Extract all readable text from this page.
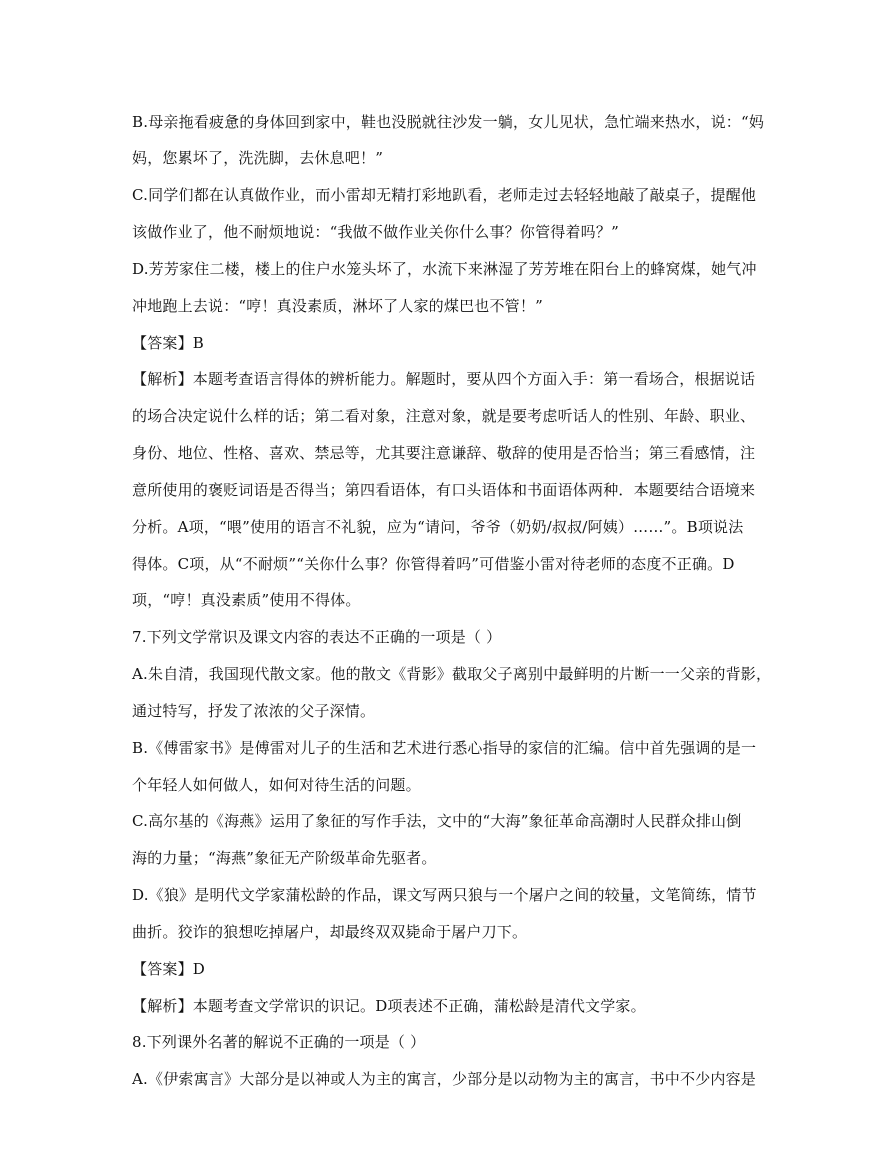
B.母亲拖看疲惫的身体回到家中，鞋也没脱就往沙发一躺，女儿见状，急忙端来热水，说：“妈
妈，您累坏了，洗洗脚，去休息吧！”
C.同学们都在认真做作业，而小雷却无精打彩地趴看，老师走过去轻轻地敲了敲桌子，提醒他
该做作业了，他不耐烦地说：“我做不做作业关你什么事？你管得着吗？”
D.芳芳家住二楼，楼上的住户水笼头坏了，水流下来淋湿了芳芳堆在阳台上的蜂窝煤，她气冲
冲地跑上去说：“哼！真没素质，淋坏了人家的煤巴也不管！”
【答案】B
【解析】本题考查语言得体的辨析能力。解题时，要从四个方面入手：第一看场合，根据说话
的场合决定说什么样的话；第二看对象，注意对象，就是要考虑听话人的性别、年龄、职业、
身份、地位、性格、喜欢、禁忌等，尤其要注意谦辞、敬辞的使用是否恰当；第三看感情，注
意所使用的褒贬词语是否得当；第四看语体，有口头语体和书面语体两种．本题要结合语境来
分析。A项，“喂”使用的语言不礼貌，应为“请问，爷爷（奶奶/叔叔/阿姨）……”。B项说法
得体。C项，从“不耐烦”“关你什么事？你管得着吗”可借鉴小雷对待老师的态度不正确。D
项，“哼！真没素质”使用不得体。
7.下列文学常识及课文内容的表达不正确的一项是（ ）
A.朱自清，我国现代散文家。他的散文《背影》截取父子离别中最鲜明的片断一一父亲的背影，
通过特写，抒发了浓浓的父子深情。
B.《傅雷家书》是傅雷对儿子的生活和艺术进行悉心指导的家信的汇编。信中首先强调的是一
个年轻人如何做人，如何对待生活的问题。
C.高尔基的《海燕》运用了象征的写作手法，文中的“大海”象征革命高潮时人民群众排山倒
海的力量；“海燕”象征无产阶级革命先驱者。
D.《狼》是明代文学家蒲松龄的作品，课文写两只狼与一个屠户之间的较量，文笔简练，情节
曲折。狡诈的狼想吃掉屠户，却最终双双毙命于屠户刀下。
【答案】D
【解析】本题考查文学常识的识记。D项表述不正确，蒲松龄是清代文学家。
8.下列课外名著的解说不正确的一项是（ ）
A.《伊索寓言》大部分是以神或人为主的寓言，少部分是以动物为主的寓言，书中不少内容是
